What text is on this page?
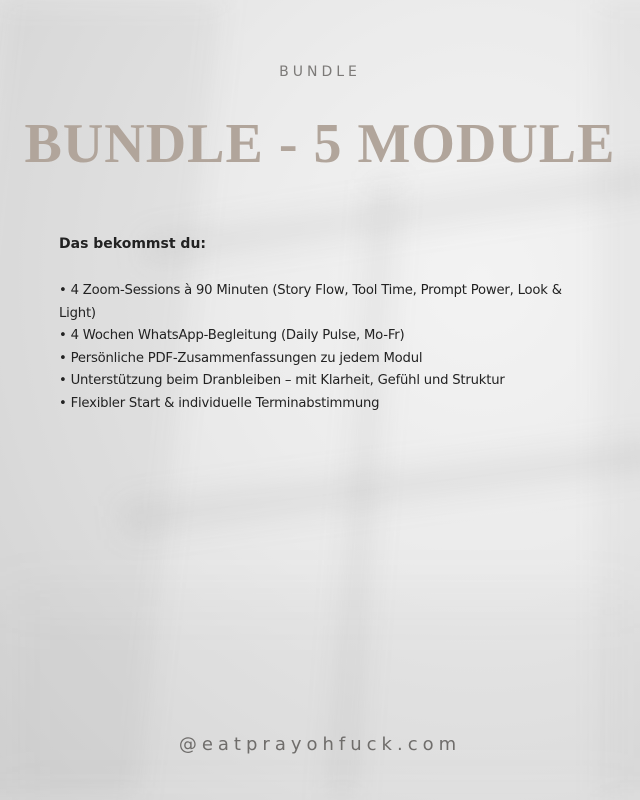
BUNDLE
BUNDLE - 5 MODULE
Das bekommst du:
• 4 Zoom-Sessions à 90 Minuten (Story Flow, Tool Time, Prompt Power, Look & Light)
• 4 Wochen WhatsApp-Begleitung (Daily Pulse, Mo-Fr)
• Persönliche PDF-Zusammenfassungen zu jedem Modul
• Unterstützung beim Dranbleiben – mit Klarheit, Gefühl und Struktur
• Flexibler Start & individuelle Terminabstimmung
@eatprayohfuck.com
